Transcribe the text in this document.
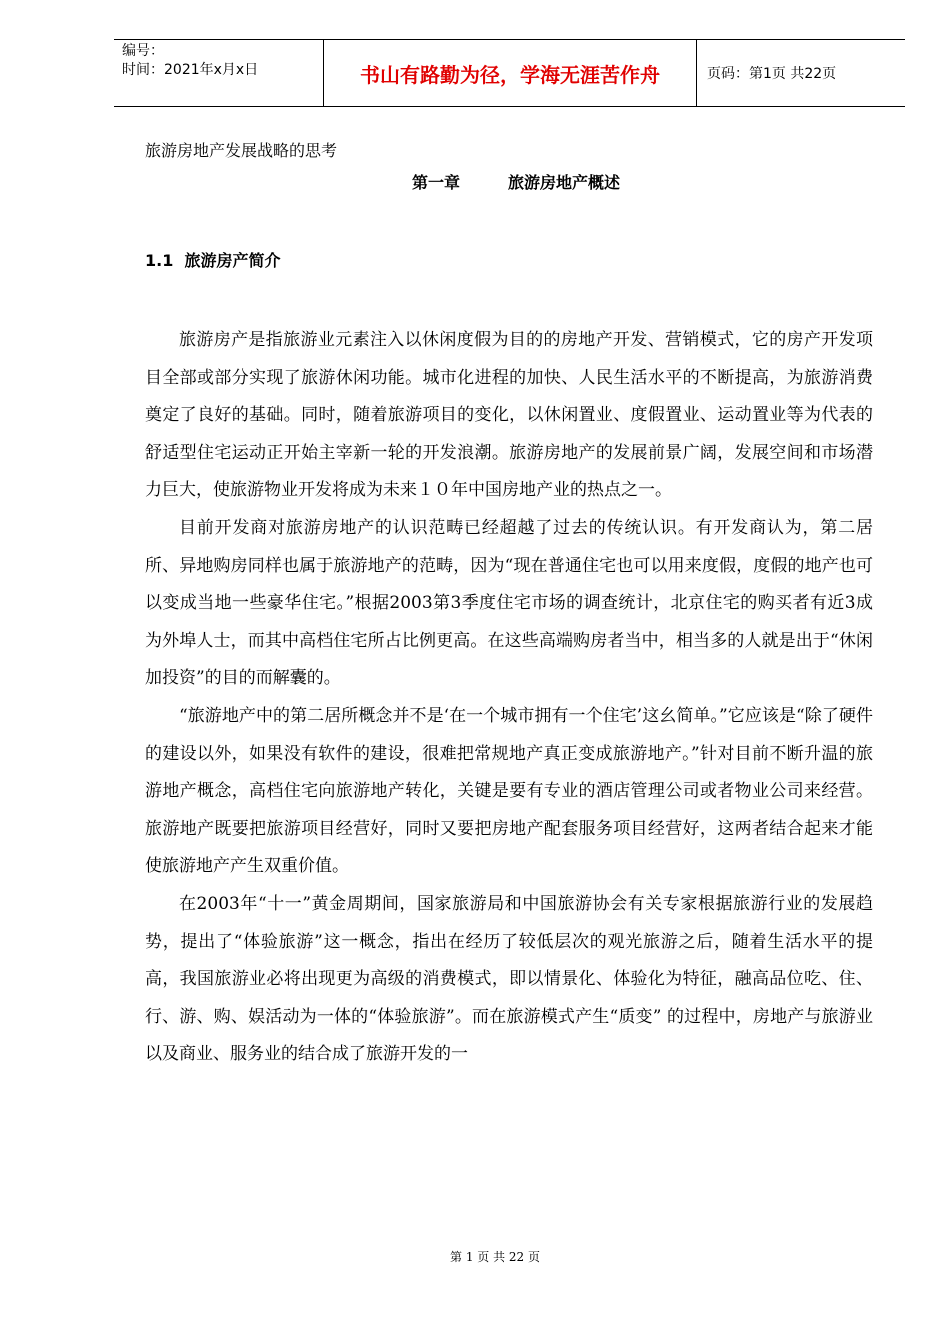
编号：
时间：2021年x月x日	书山有路勤为径，学海无涯苦作舟	页码：第1页 共22页
旅游房地产发展战略的思考
第一章　　　旅游房地产概述
1.1  旅游房产简介

旅游房产是指旅游业元素注入以休闲度假为目的的房地产开发、营销模式，它的房产开发项目全部或部分实现了旅游休闲功能。城市化进程的加快、人民生活水平的不断提高，为旅游消费奠定了良好的基础。同时，随着旅游项目的变化，以休闲置业、度假置业、运动置业等为代表的舒适型住宅运动正开始主宰新一轮的开发浪潮。旅游房地产的发展前景广阔，发展空间和市场潜力巨大，使旅游物业开发将成为未来１０年中国房地产业的热点之一。

目前开发商对旅游房地产的认识范畴已经超越了过去的传统认识。有开发商认为，第二居所、异地购房同样也属于旅游地产的范畴，因为“现在普通住宅也可以用来度假，度假的地产也可以变成当地一些豪华住宅。”根据2003第3季度住宅市场的调查统计，北京住宅的购买者有近3成为外埠人士，而其中高档住宅所占比例更高。在这些高端购房者当中，相当多的人就是出于“休闲加投资”的目的而解囊的。

“旅游地产中的第二居所概念并不是‘在一个城市拥有一个住宅’这幺简单。”它应该是“除了硬件的建设以外，如果没有软件的建设，很难把常规地产真正变成旅游地产。”针对目前不断升温的旅游地产概念，高档住宅向旅游地产转化，关键是要有专业的酒店管理公司或者物业公司来经营。旅游地产既要把旅游项目经营好，同时又要把房地产配套服务项目经营好，这两者结合起来才能使旅游地产产生双重价值。

在2003年“十一”黄金周期间，国家旅游局和中国旅游协会有关专家根据旅游行业的发展趋势，提出了“体验旅游”这一概念，指出在经历了较低层次的观光旅游之后，随着生活水平的提高，我国旅游业必将出现更为高级的消费模式，即以情景化、体验化为特征，融高品位吃、住、行、游、购、娱活动为一体的“体验旅游”。而在旅游模式产生“质变” 的过程中，房地产与旅游业以及商业、服务业的结合成了旅游开发的一

第 1 页 共 22 页
